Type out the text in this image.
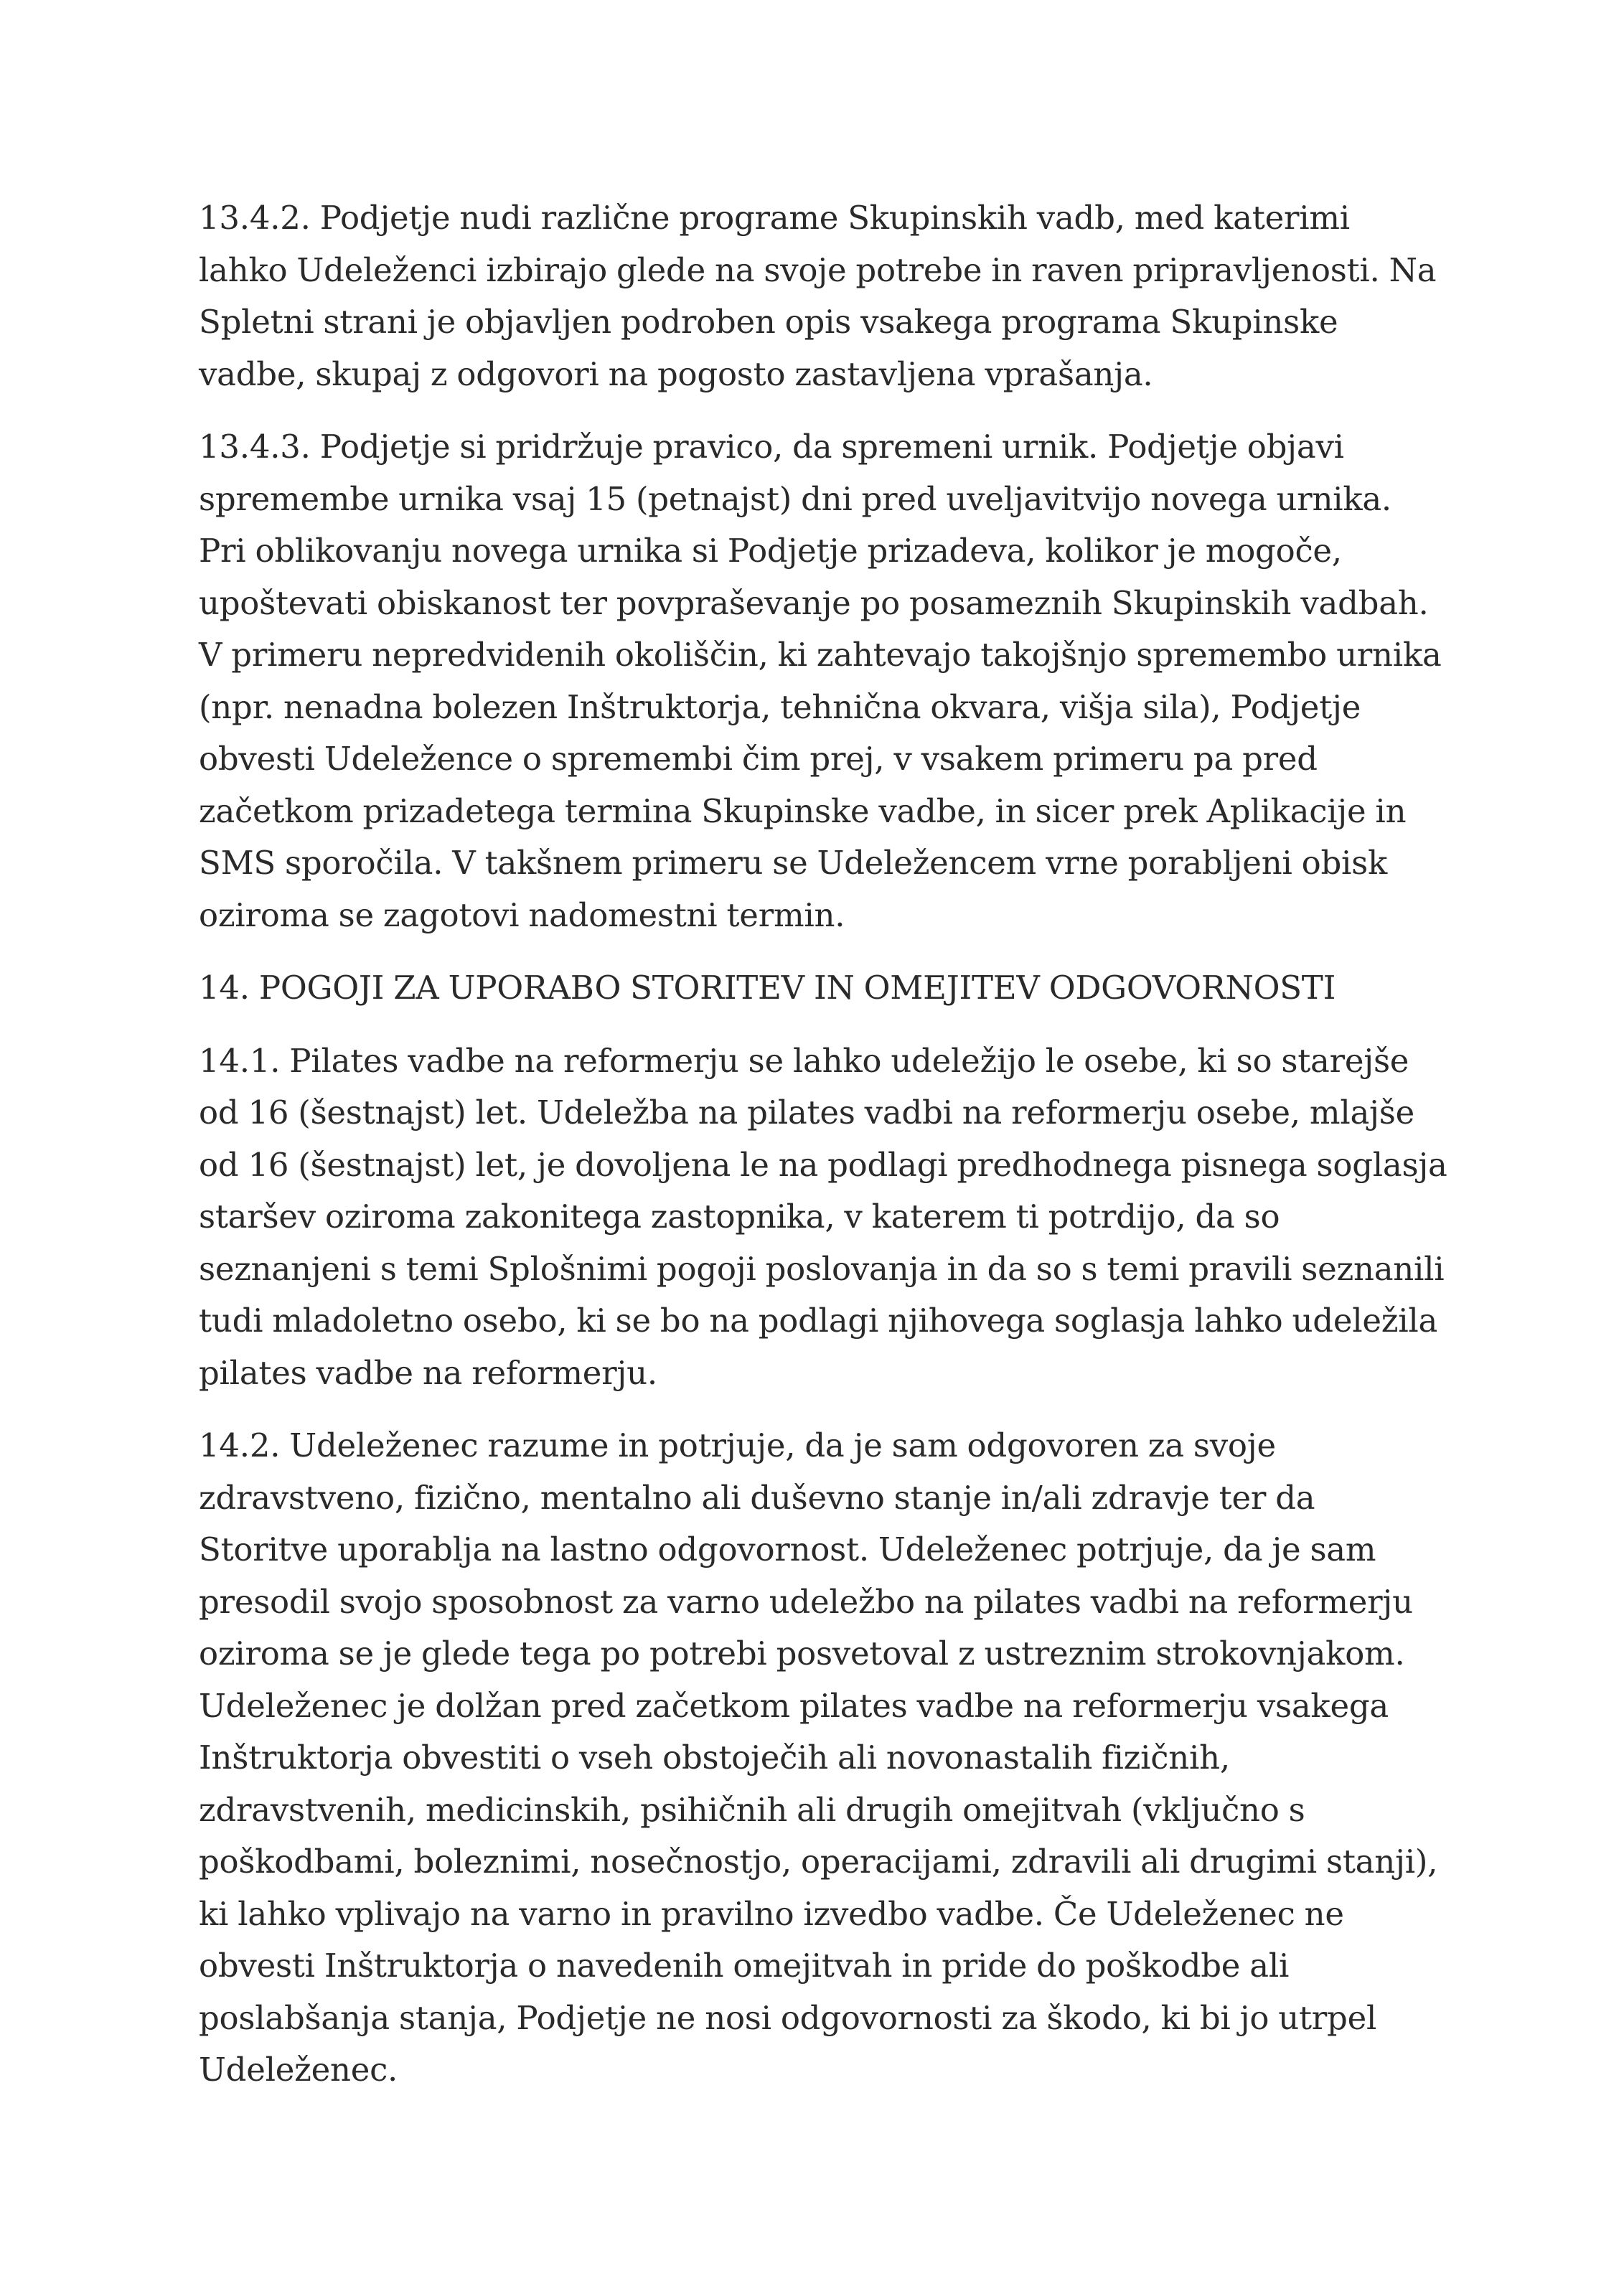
13.4.2. Podjetje nudi različne programe Skupinskih vadb, med katerimi lahko Udeleženci izbirajo glede na svoje potrebe in raven pripravljenosti. Na Spletni strani je objavljen podroben opis vsakega programa Skupinske vadbe, skupaj z odgovori na pogosto zastavljena vprašanja.

13.4.3. Podjetje si pridržuje pravico, da spremeni urnik. Podjetje objavi spremembe urnika vsaj 15 (petnajst) dni pred uveljavitvijo novega urnika. Pri oblikovanju novega urnika si Podjetje prizadeva, kolikor je mogoče, upoštevati obiskanost ter povpraševanje po posameznih Skupinskih vadbah. V primeru nepredvidenih okoliščin, ki zahtevajo takojšnjo spremembo urnika (npr. nenadna bolezen Inštruktorja, tehnična okvara, višja sila), Podjetje obvesti Udeležence o spremembi čim prej, v vsakem primeru pa pred začetkom prizadetega termina Skupinske vadbe, in sicer prek Aplikacije in SMS sporočila. V takšnem primeru se Udeležencem vrne porabljeni obisk oziroma se zagotovi nadomestni termin.

14. POGOJI ZA UPORABO STORITEV IN OMEJITEV ODGOVORNOSTI

14.1. Pilates vadbe na reformerju se lahko udeležijo le osebe, ki so starejše od 16 (šestnajst) let. Udeležba na pilates vadbi na reformerju osebe, mlajše od 16 (šestnajst) let, je dovoljena le na podlagi predhodnega pisnega soglasja staršev oziroma zakonitega zastopnika, v katerem ti potrdijo, da so seznanjeni s temi Splošnimi pogoji poslovanja in da so s temi pravili seznanili tudi mladoletno osebo, ki se bo na podlagi njihovega soglasja lahko udeležila pilates vadbe na reformerju.

14.2. Udeleženec razume in potrjuje, da je sam odgovoren za svoje zdravstveno, fizično, mentalno ali duševno stanje in/ali zdravje ter da Storitve uporablja na lastno odgovornost. Udeleženec potrjuje, da je sam presodil svojo sposobnost za varno udeležbo na pilates vadbi na reformerju oziroma se je glede tega po potrebi posvetoval z ustreznim strokovnjakom. Udeleženec je dolžan pred začetkom pilates vadbe na reformerju vsakega Inštruktorja obvestiti o vseh obstoječih ali novonastalih fizičnih, zdravstvenih, medicinskih, psihičnih ali drugih omejitvah (vključno s poškodbami, boleznimi, nosečnostjo, operacijami, zdravili ali drugimi stanji), ki lahko vplivajo na varno in pravilno izvedbo vadbe. Če Udeleženec ne obvesti Inštruktorja o navedenih omejitvah in pride do poškodbe ali poslabšanja stanja, Podjetje ne nosi odgovornosti za škodo, ki bi jo utrpel Udeleženec.
